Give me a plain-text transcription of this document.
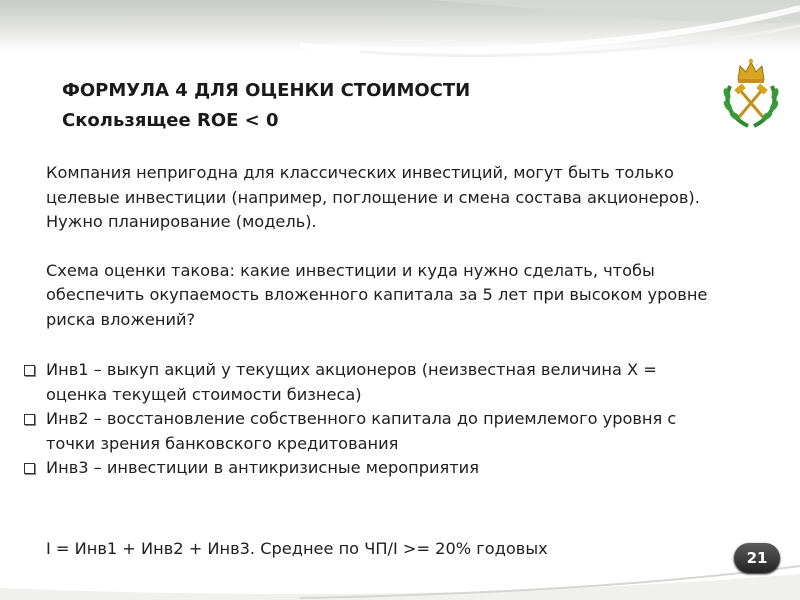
ФОРМУЛА 4 ДЛЯ ОЦЕНКИ СТОИМОСТИ
Скользящее ROE < 0

Компания непригодна для классических инвестиций, могут быть только целевые инвестиции (например, поглощение и смена состава акционеров). Нужно планирование (модель).

Схема оценки такова: какие инвестиции и куда нужно сделать, чтобы обеспечить окупаемость вложенного капитала за 5 лет при высоком уровне риска вложений?

Инв1 – выкуп акций у текущих акционеров (неизвестная величина Х = оценка текущей стоимости бизнеса)
Инв2 – восстановление собственного капитала до приемлемого уровня с точки зрения банковского кредитования
Инв3 – инвестиции в антикризисные мероприятия
I = Инв1 + Инв2 + Инв3. Среднее по ЧП/I >= 20% годовых	21
